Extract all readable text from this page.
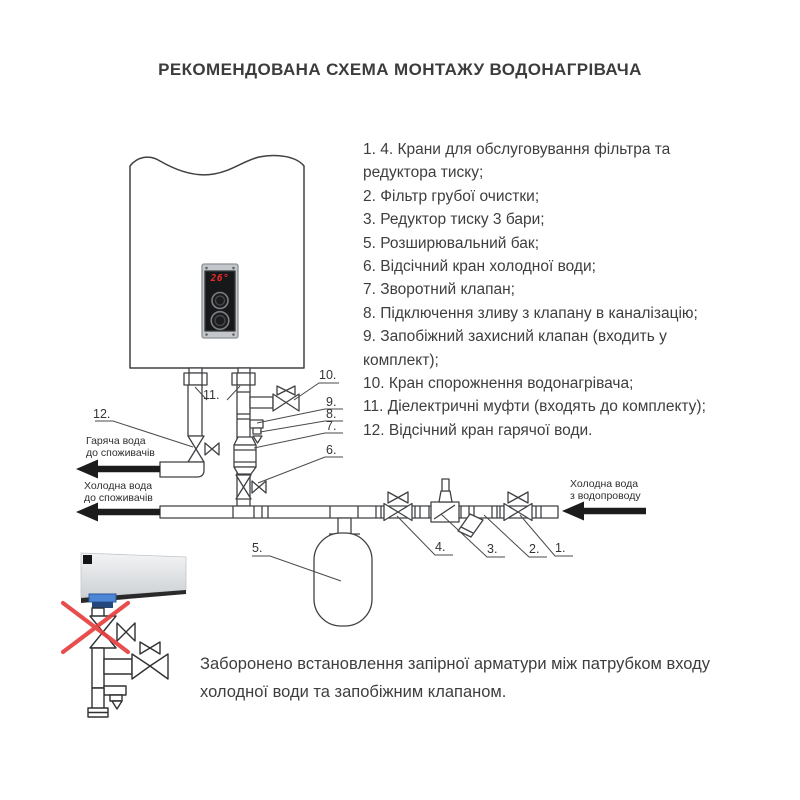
РЕКОМЕНДОВАНА СХЕМА МОНТАЖУ ВОДОНАГРІВАЧА
1. 4. Крани для обслуговування фільтра та редуктора тиску;
2. Фільтр грубої очистки;
3. Редуктор тиску 3 бари;
5. Розширювальний бак;
6. Відсічний кран холодної води;
7. Зворотний клапан;
8. Підключення зливу з клапану в каналізацію;
9. Запобіжний захисний клапан (входить у комплект);
10. Кран спорожнення водонагрівача;
11. Діелектричні муфти (входять до комплекту);
12. Відсічний кран гарячої води.
26°
12.
11.
10.
9.
8.
7.
6.
5.	4.	3.	2. 1.
Гаряча вода
до споживачів
Холодна вода
до споживачів
Холодна вода
з водопроводу
Заборонено встановлення запірної арматури між патрубком входу холодної води та запобіжним клапаном.
